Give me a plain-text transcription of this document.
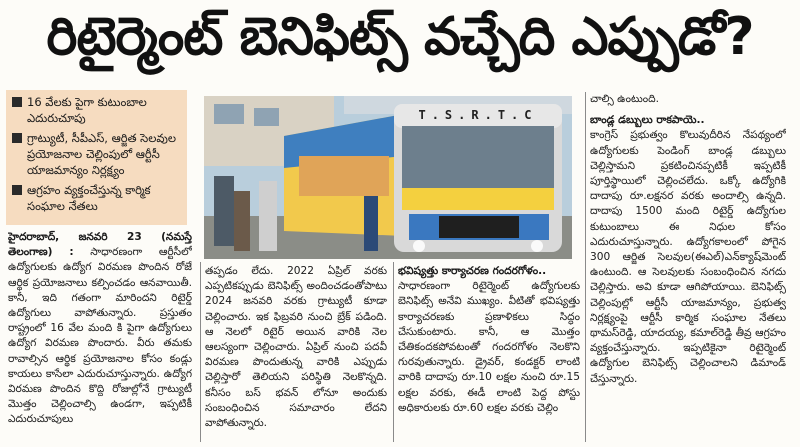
రిటైర్మెంట్ బెనిఫిట్స్ వచ్చేది ఎప్పుడో?
16 వేలకు పైగా కుటుంబాల ఎదురుచూపు
గ్రాట్యుటీ, సీపీఎస్, ఆర్జిత సెలవుల ప్రయోజనాల చెల్లింపులో ఆర్టీసీ యాజమాన్యం నిర్లక్ష్యం
ఆగ్రహం వ్యక్తంచేస్తున్న కార్మిక సంఘాల నేతలు
T.S.R.T.C

హైదరాబాద్, జనవరి 23 (నమస్తే తెలంగాణ) : సాధారణంగా ఆర్టీసీలో ఉద్యోగులకు ఉద్యోగ విరమణ పొందిన రోజే ఆర్థిక ప్రయోజనాలు కల్పించడం ఆనవాయితీ. కానీ, ఇది గతంగా మారిందని రిటైర్డ్ ఉద్యోగులు వాపోతున్నారు. ప్రస్తుతం రాష్ట్రంలో 16 వేల మంది కి పైగా ఉద్యోగులు ఉద్యోగ విరమణ పొందారు. వీరు తమకు రావాల్సిన ఆర్థిక ప్రయోజనాల కోసం కండ్లు కాయలు కాసేలా ఎదురుచూస్తున్నారు. ఉద్యోగ విరమణ పొందిన కొద్ది రోజుల్లోనే గ్రాట్యుటీ మొత్తం చెల్లించాల్సి ఉండగా, ఇప్పటికీ ఎదురుచూపులు

తప్పడం లేదు. 2022 ఏప్రిల్ వరకు ఎప్పటికప్పుడు బెనిఫిట్స్ అందించడంతోపాటు 2024 జనవరి వరకు గ్రాట్యుటీ కూడా చెల్లించారు. ఇక ఫిబ్రవరి నుంచి బ్రేక్ పడింది. ఆ నెలలో రిటైర్ అయిన వారికి నెల ఆలస్యంగా చెల్లించారు. ఏప్రిల్ నుంచి పదవీ విరమణ పొందుతున్న వారికి ఎప్పుడు చెల్లిస్తారో తెలియని పరిస్థితి నెలకొన్నది. కనీసం బస్ భవన్ లోనూ అందుకు సంబంధించిన సమాచారం లేదని వాపోతున్నారు.

భవిష్యత్తు కార్యాచరణ గందరగోళం..

సాధారణంగా రిటైర్మెంట్ ఉద్యోగులకు బెనిఫిట్స్ అనేవి ముఖ్యం. వీటితో భవిష్యత్తు కార్యాచరణకు ప్రణాళికలు సిద్ధం చేసుకుంటారు. కానీ, ఆ మొత్తం చేతికందకపోవటంతో గందరగోళం నెలకొని గురవుతున్నారు. డ్రైవర్, కండక్టర్ లాంటి వారికి దాదాపు రూ.10 లక్షల నుంచి రూ.15 లక్షల వరకు, ఈడీ లాంటి పెద్ద పోస్టు అధికారులకు రూ.60 లక్షల వరకు చెల్లిం

చాల్సి ఉంటుంది.

బాండ్ల డబ్బులు రాకపాయె..

కాంగ్రెస్ ప్రభుత్వం కొలువుదీరిన నేపథ్యంలో ఉద్యోగులకు పెండింగ్ బాండ్ల డబ్బులు చెల్లిస్తామని ప్రకటించినప్పటికీ ఇప్పటికీ పూర్తిస్థాయిలో చెల్లించలేదు. ఒక్కో ఉద్యోగికి దాదాపు రూ.లక్షనర వరకు అందాల్సి ఉన్నది. దాదాపు 1500 మంది రిటైర్డ్ ఉద్యోగుల కుటుంబాలు ఈ నిధుల కోసం ఎదురుచూస్తున్నారు. ఉద్యోగకాలంలో పోగైన 300 ఆర్జిత సెలవుల(ఈఎల్)ఎన్‌క్యాష్‌మెంట్ ఉంటుంది. ఆ సెలవులకు సంబంధించిన నగదు చెల్లిస్తారు. అవి కూడా ఆగిపోయాయి. బెనిఫిట్స్ చెల్లింపుల్లో ఆర్టీసీ యాజమాన్యం, ప్రభుత్వ నిర్లక్ష్యంపై ఆర్టీసీ కార్మిక సంఘాల నేతలు థామస్‌రెడ్డి, యాదయ్య, కమాల్‌రెడ్డి తీవ్ర ఆగ్రహం వ్యక్తంచేస్తున్నారు. ఇప్పటికైనా రిటైర్మెంట్ ఉద్యోగుల బెనిఫిట్స్ చెల్లించాలని డిమాండ్ చేస్తున్నారు.
